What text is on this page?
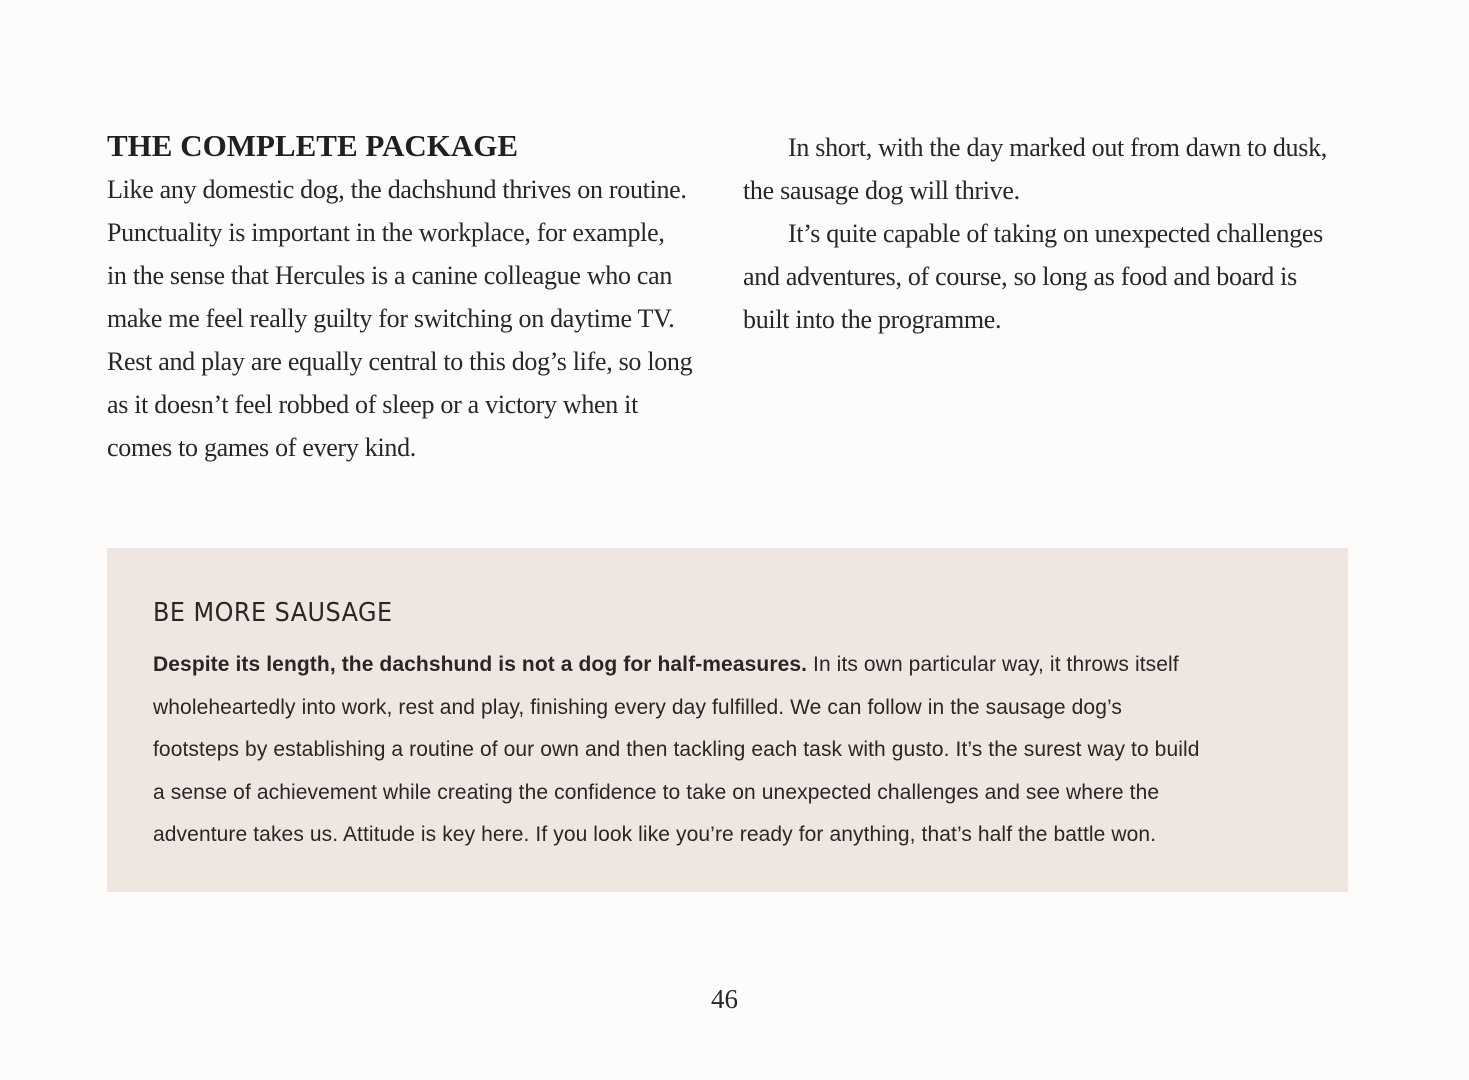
THE COMPLETE PACKAGE
Like any domestic dog, the dachshund thrives on routine.
Punctuality is important in the workplace, for example,
in the sense that Hercules is a canine colleague who can
make me feel really guilty for switching on daytime TV.
Rest and play are equally central to this dog’s life, so long
as it doesn’t feel robbed of sleep or a victory when it
comes to games of every kind.
In short, with the day marked out from dawn to dusk,
the sausage dog will thrive.
It’s quite capable of taking on unexpected challenges
and adventures, of course, so long as food and board is
built into the programme.
BE MORE SAUSAGE
Despite its length, the dachshund is not a dog for half-measures. In its own particular way, it throws itself
wholeheartedly into work, rest and play, finishing every day fulfilled. We can follow in the sausage dog’s
footsteps by establishing a routine of our own and then tackling each task with gusto. It’s the surest way to build
a sense of achievement while creating the confidence to take on unexpected challenges and see where the
adventure takes us. Attitude is key here. If you look like you’re ready for anything, that’s half the battle won.
46
